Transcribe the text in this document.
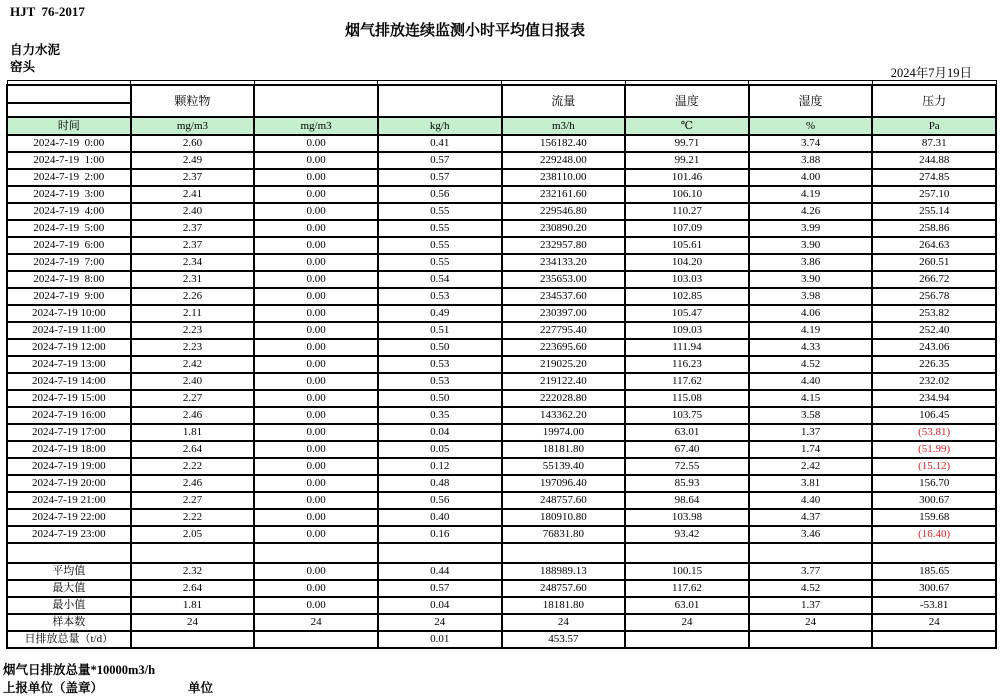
HJT  76-2017
烟气排放连续监测小时平均值日报表
自力水泥
窑头	2024年7月19日

	颗粒物			流量	温度	湿度	压力

时间	mg/m3	mg/m3	kg/h	m3/h	℃	%	Pa
2024-7-19  0:00	2.60	0.00	0.41	156182.40	99.71	3.74	87.31
2024-7-19  1:00	2.49	0.00	0.57	229248.00	99.21	3.88	244.88
2024-7-19  2:00	2.37	0.00	0.57	238110.00	101.46	4.00	274.85
2024-7-19  3:00	2.41	0.00	0.56	232161.60	106.10	4.19	257.10
2024-7-19  4:00	2.40	0.00	0.55	229546.80	110.27	4.26	255.14
2024-7-19  5:00	2.37	0.00	0.55	230890.20	107.09	3.99	258.86
2024-7-19  6:00	2.37	0.00	0.55	232957.80	105.61	3.90	264.63
2024-7-19  7:00	2.34	0.00	0.55	234133.20	104.20	3.86	260.51
2024-7-19  8:00	2.31	0.00	0.54	235653.00	103.03	3.90	266.72
2024-7-19  9:00	2.26	0.00	0.53	234537.60	102.85	3.98	256.78
2024-7-19 10:00	2.11	0.00	0.49	230397.00	105.47	4.06	253.82
2024-7-19 11:00	2.23	0.00	0.51	227795.40	109.03	4.19	252.40
2024-7-19 12:00	2.23	0.00	0.50	223695.60	111.94	4.33	243.06
2024-7-19 13:00	2.42	0.00	0.53	219025.20	116.23	4.52	226.35
2024-7-19 14:00	2.40	0.00	0.53	219122.40	117.62	4.40	232.02
2024-7-19 15:00	2.27	0.00	0.50	222028.80	115.08	4.15	234.94
2024-7-19 16:00	2.46	0.00	0.35	143362.20	103.75	3.58	106.45
2024-7-19 17:00	1.81	0.00	0.04	19974.00	63.01	1.37	(53.81)
2024-7-19 18:00	2.64	0.00	0.05	18181.80	67.40	1.74	(51.99)
2024-7-19 19:00	2.22	0.00	0.12	55139.40	72.55	2.42	(15.12)
2024-7-19 20:00	2.46	0.00	0.48	197096.40	85.93	3.81	156.70
2024-7-19 21:00	2.27	0.00	0.56	248757.60	98.64	4.40	300.67
2024-7-19 22:00	2.22	0.00	0.40	180910.80	103.98	4.37	159.68
2024-7-19 23:00	2.05	0.00	0.16	76831.80	93.42	3.46	(16.40)

平均值	2.32	0.00	0.44	188989.13	100.15	3.77	185.65
最大值	2.64	0.00	0.57	248757.60	117.62	4.52	300.67
最小值	1.81	0.00	0.04	18181.80	63.01	1.37	-53.81
样本数	24	24	24	24	24	24	24
日排放总量（t/d）			0.01	453.57			
烟气日排放总量*10000m3/h
上报单位（盖章）	单位
